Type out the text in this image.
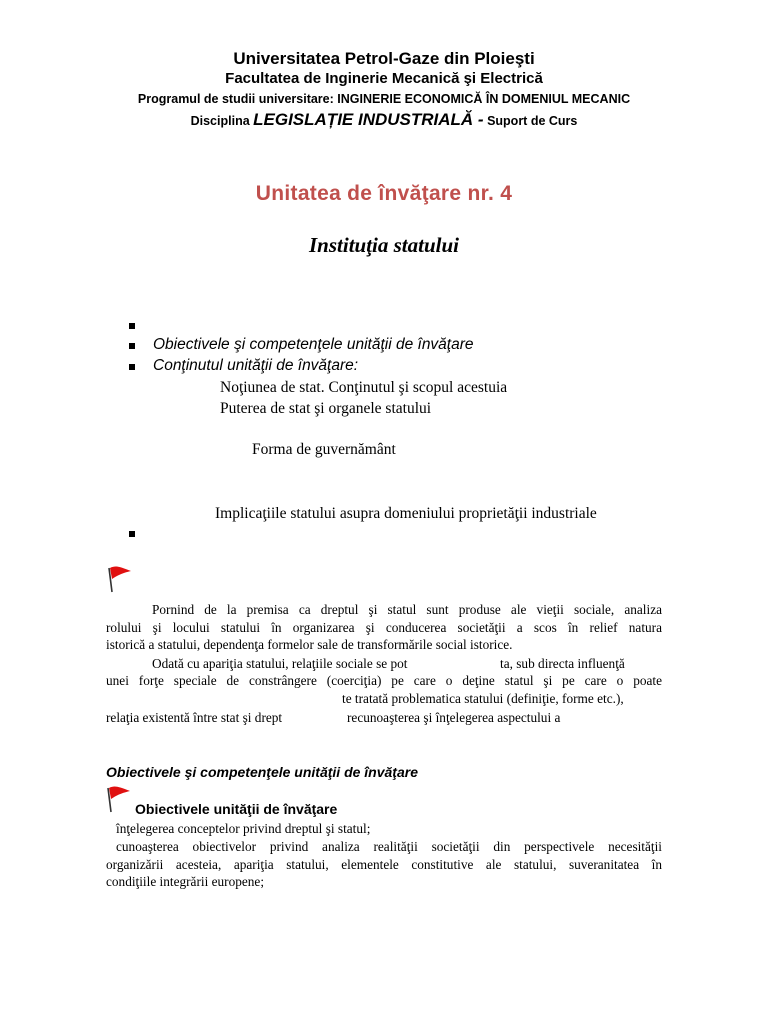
Universitatea Petrol-Gaze din Ploieşti
Facultatea de Inginerie Mecanică şi Electrică
Programul de studii universitare: INGINERIE ECONOMICĂ ÎN DOMENIUL MECANIC
Disciplina LEGISLAȚIE INDUSTRIALĂ - Suport de Curs
Unitatea de învăţare nr. 4
Instituţia statului
Obiectivele şi competenţele unităţii de învăţare
Conţinutul unităţii de învăţare:
Noţiunea de stat. Conţinutul şi scopul acestuia
Puterea de stat şi organele statului
Forma de guvernământ
Implicaţiile statului asupra domeniului proprietăţii industriale
Pornind de la premisa ca dreptul şi statul sunt produse ale vieţii sociale, analiza
rolului şi locului statului în organizarea şi conducerea societăţii a scos în relief natura
istorică a statului, dependenţa formelor sale de transformările social istorice.
Odată cu apariţia statului, relaţiile sociale se pot	ta, sub directa influenţă
unei forţe speciale de constrângere (coerciţia) pe care o deţine statul şi pe care o poate
te tratată problematica statului (definiţie, forme etc.),
relaţia existentă între stat şi drept	recunoaşterea şi înţelegerea aspectului a
Obiectivele şi competenţele unităţii de învăţare
Obiectivele unităţii de învăţare
înţelegerea conceptelor privind dreptul şi statul;
cunoaşterea obiectivelor privind analiza realităţii societăţii din perspectivele necesităţii
organizării acesteia, apariţia statului, elementele constitutive ale statului, suveranitatea în
condiţiile integrării europene;
